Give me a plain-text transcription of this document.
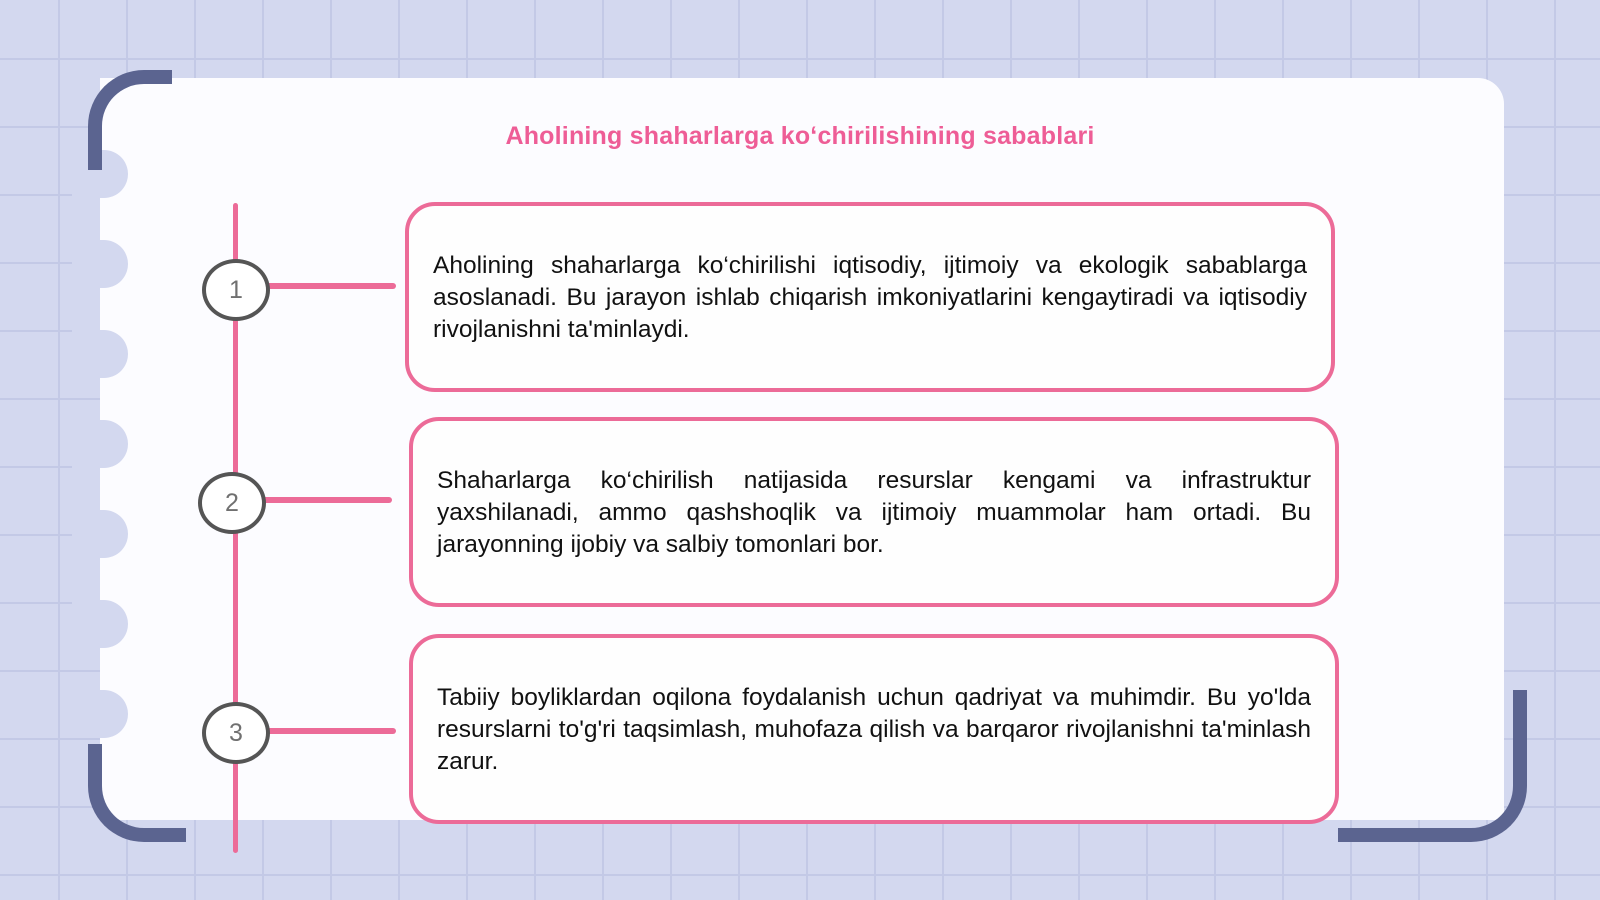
Aholining shaharlarga ko‘chirilishining sabablari
1
2
3

Aholining shaharlarga ko‘chirilishi iqtisodiy, ijtimoiy va ekologik sabablarga asoslanadi. Bu jarayon ishlab chiqarish imkoniyatlarini kengaytiradi va iqtisodiy rivojlanishni ta'minlaydi.

Shaharlarga ko‘chirilish natijasida resurslar kengami va infrastruktur yaxshilanadi, ammo qashshoqlik va ijtimoiy muammolar ham ortadi. Bu jarayonning ijobiy va salbiy tomonlari bor.

Tabiiy boyliklardan oqilona foydalanish uchun qadriyat va muhimdir. Bu yo'lda resurslarni to'g'ri taqsimlash, muhofaza qilish va barqaror rivojlanishni ta'minlash zarur.
